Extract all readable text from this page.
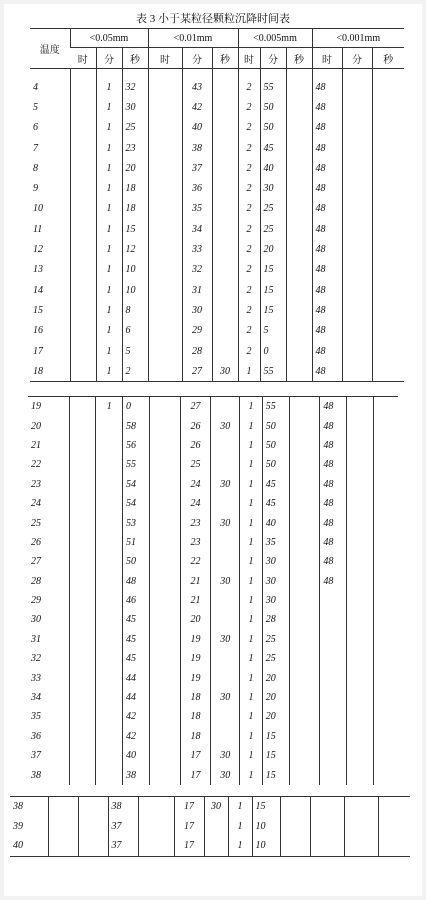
表 3 小于某粒径颗粒沉降时间表
温度	<0.05mm			<0.01mm			<0.005mm			<0.001mm		
	时	分	秒	时	分	秒	时	分	秒	时	分	秒

4		1	32		43		2	55		48		
5		1	30		42		2	50		48		
6		1	25		40		2	50		48		
7		1	23		38		2	45		48		
8		1	20		37		2	40		48		
9		1	18		36		2	30		48		
10		1	18		35		2	25		48		
11		1	15		34		2	25		48		
12		1	12		33		2	20		48		
13		1	10		32		2	15		48		
14		1	10		31		2	15		48		
15		1	8		30		2	15		48		
16		1	6		29		2	5		48		
17		1	5		28		2	0		48		
18		1	2		27	30	1	55		48		
19		1	0		27		1	55		48		
20			58		26	30	1	50		48		
21			56		26		1	50		48		
22			55		25		1	50		48		
23			54		24	30	1	45		48		
24			54		24		1	45		48		
25			53		23	30	1	40		48		
26			51		23		1	35		48		
27			50		22		1	30		48		
28			48		21	30	1	30		48		
29			46		21		1	30				
30			45		20		1	28				
31			45		19	30	1	25				
32			45		19		1	25				
33			44		19		1	20				
34			44		18	30	1	20				
35			42		18		1	20				
36			42		18		1	15				
37			40		17	30	1	15				
38			38		17	30	1	15				
38			38		17	30	1	15				
39			37		17		1	10				
40			37		17		1	10				
